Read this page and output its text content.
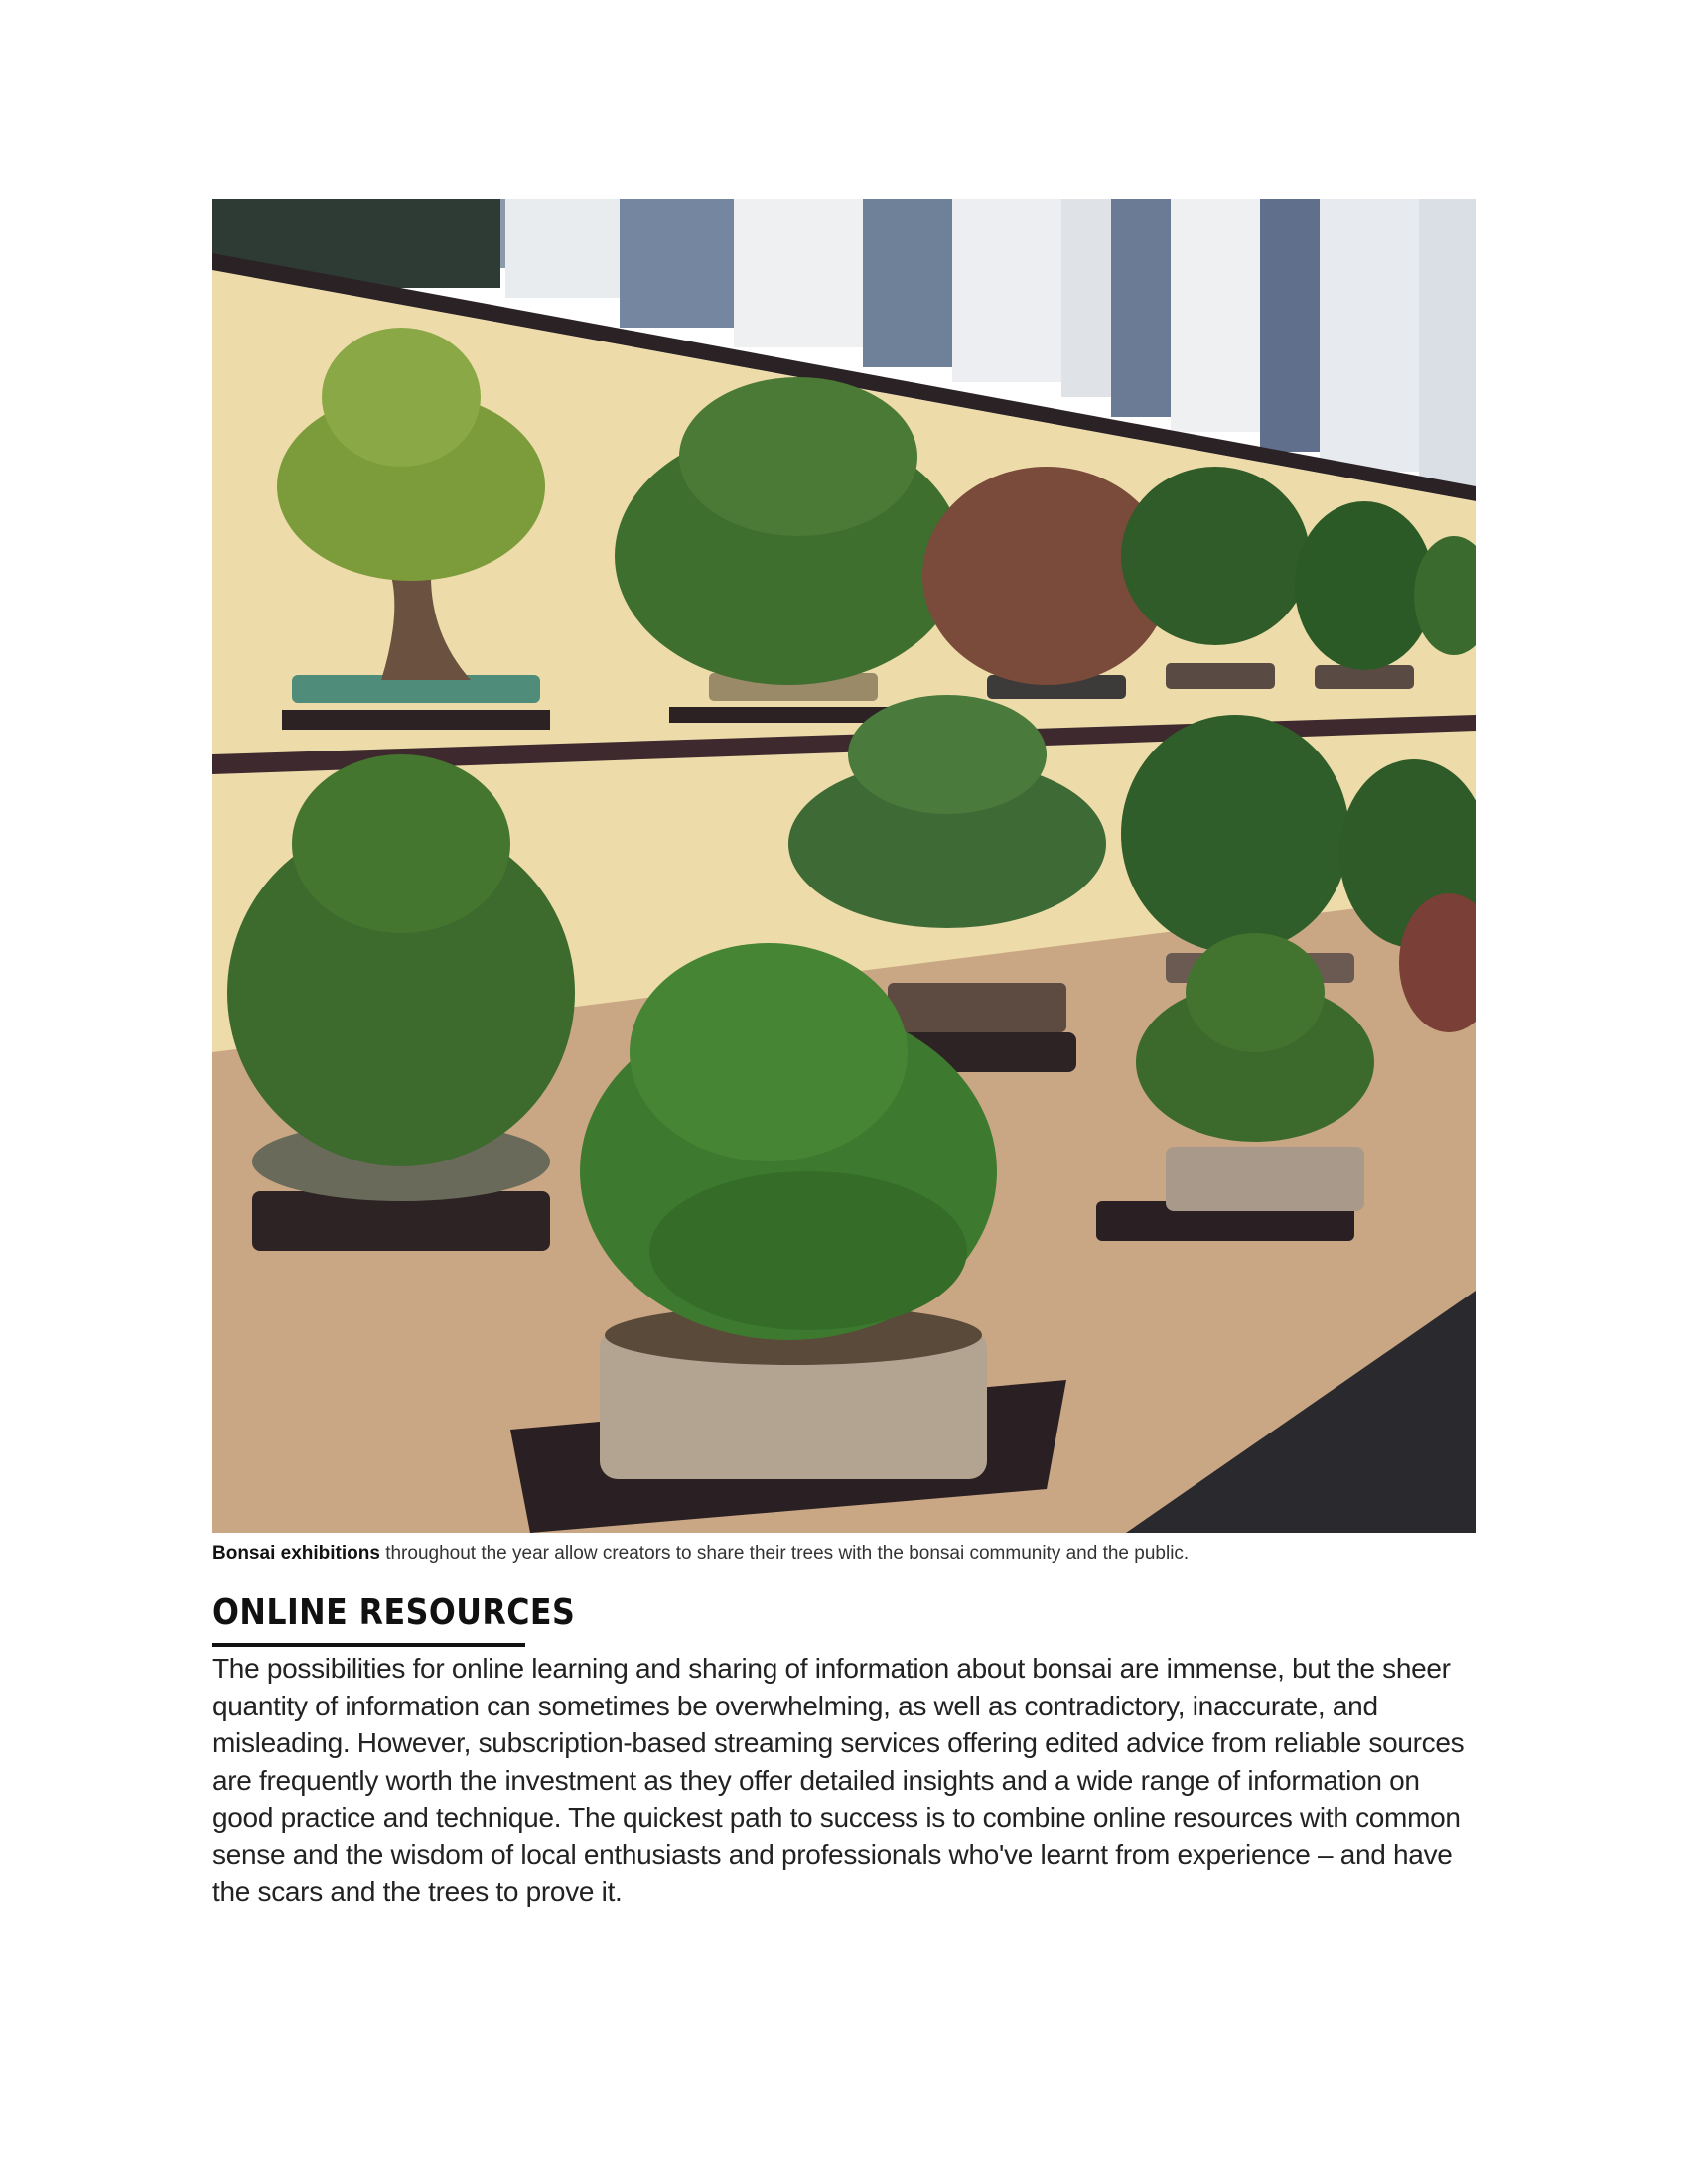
Bonsai exhibitions throughout the year allow creators to share their trees with the bonsai community and the public.
ONLINE RESOURCES
The possibilities for online learning and sharing of information about bonsai are immense, but the sheer quantity of information can sometimes be overwhelming, as well as contradictory, inaccurate, and misleading. However, subscription-based streaming services offering edited advice from reliable sources are frequently worth the investment as they offer detailed insights and a wide range of information on good practice and technique. The quickest path to success is to combine online resources with common sense and the wisdom of local enthusiasts and professionals who've learnt from experience – and have the scars and the trees to prove it.
